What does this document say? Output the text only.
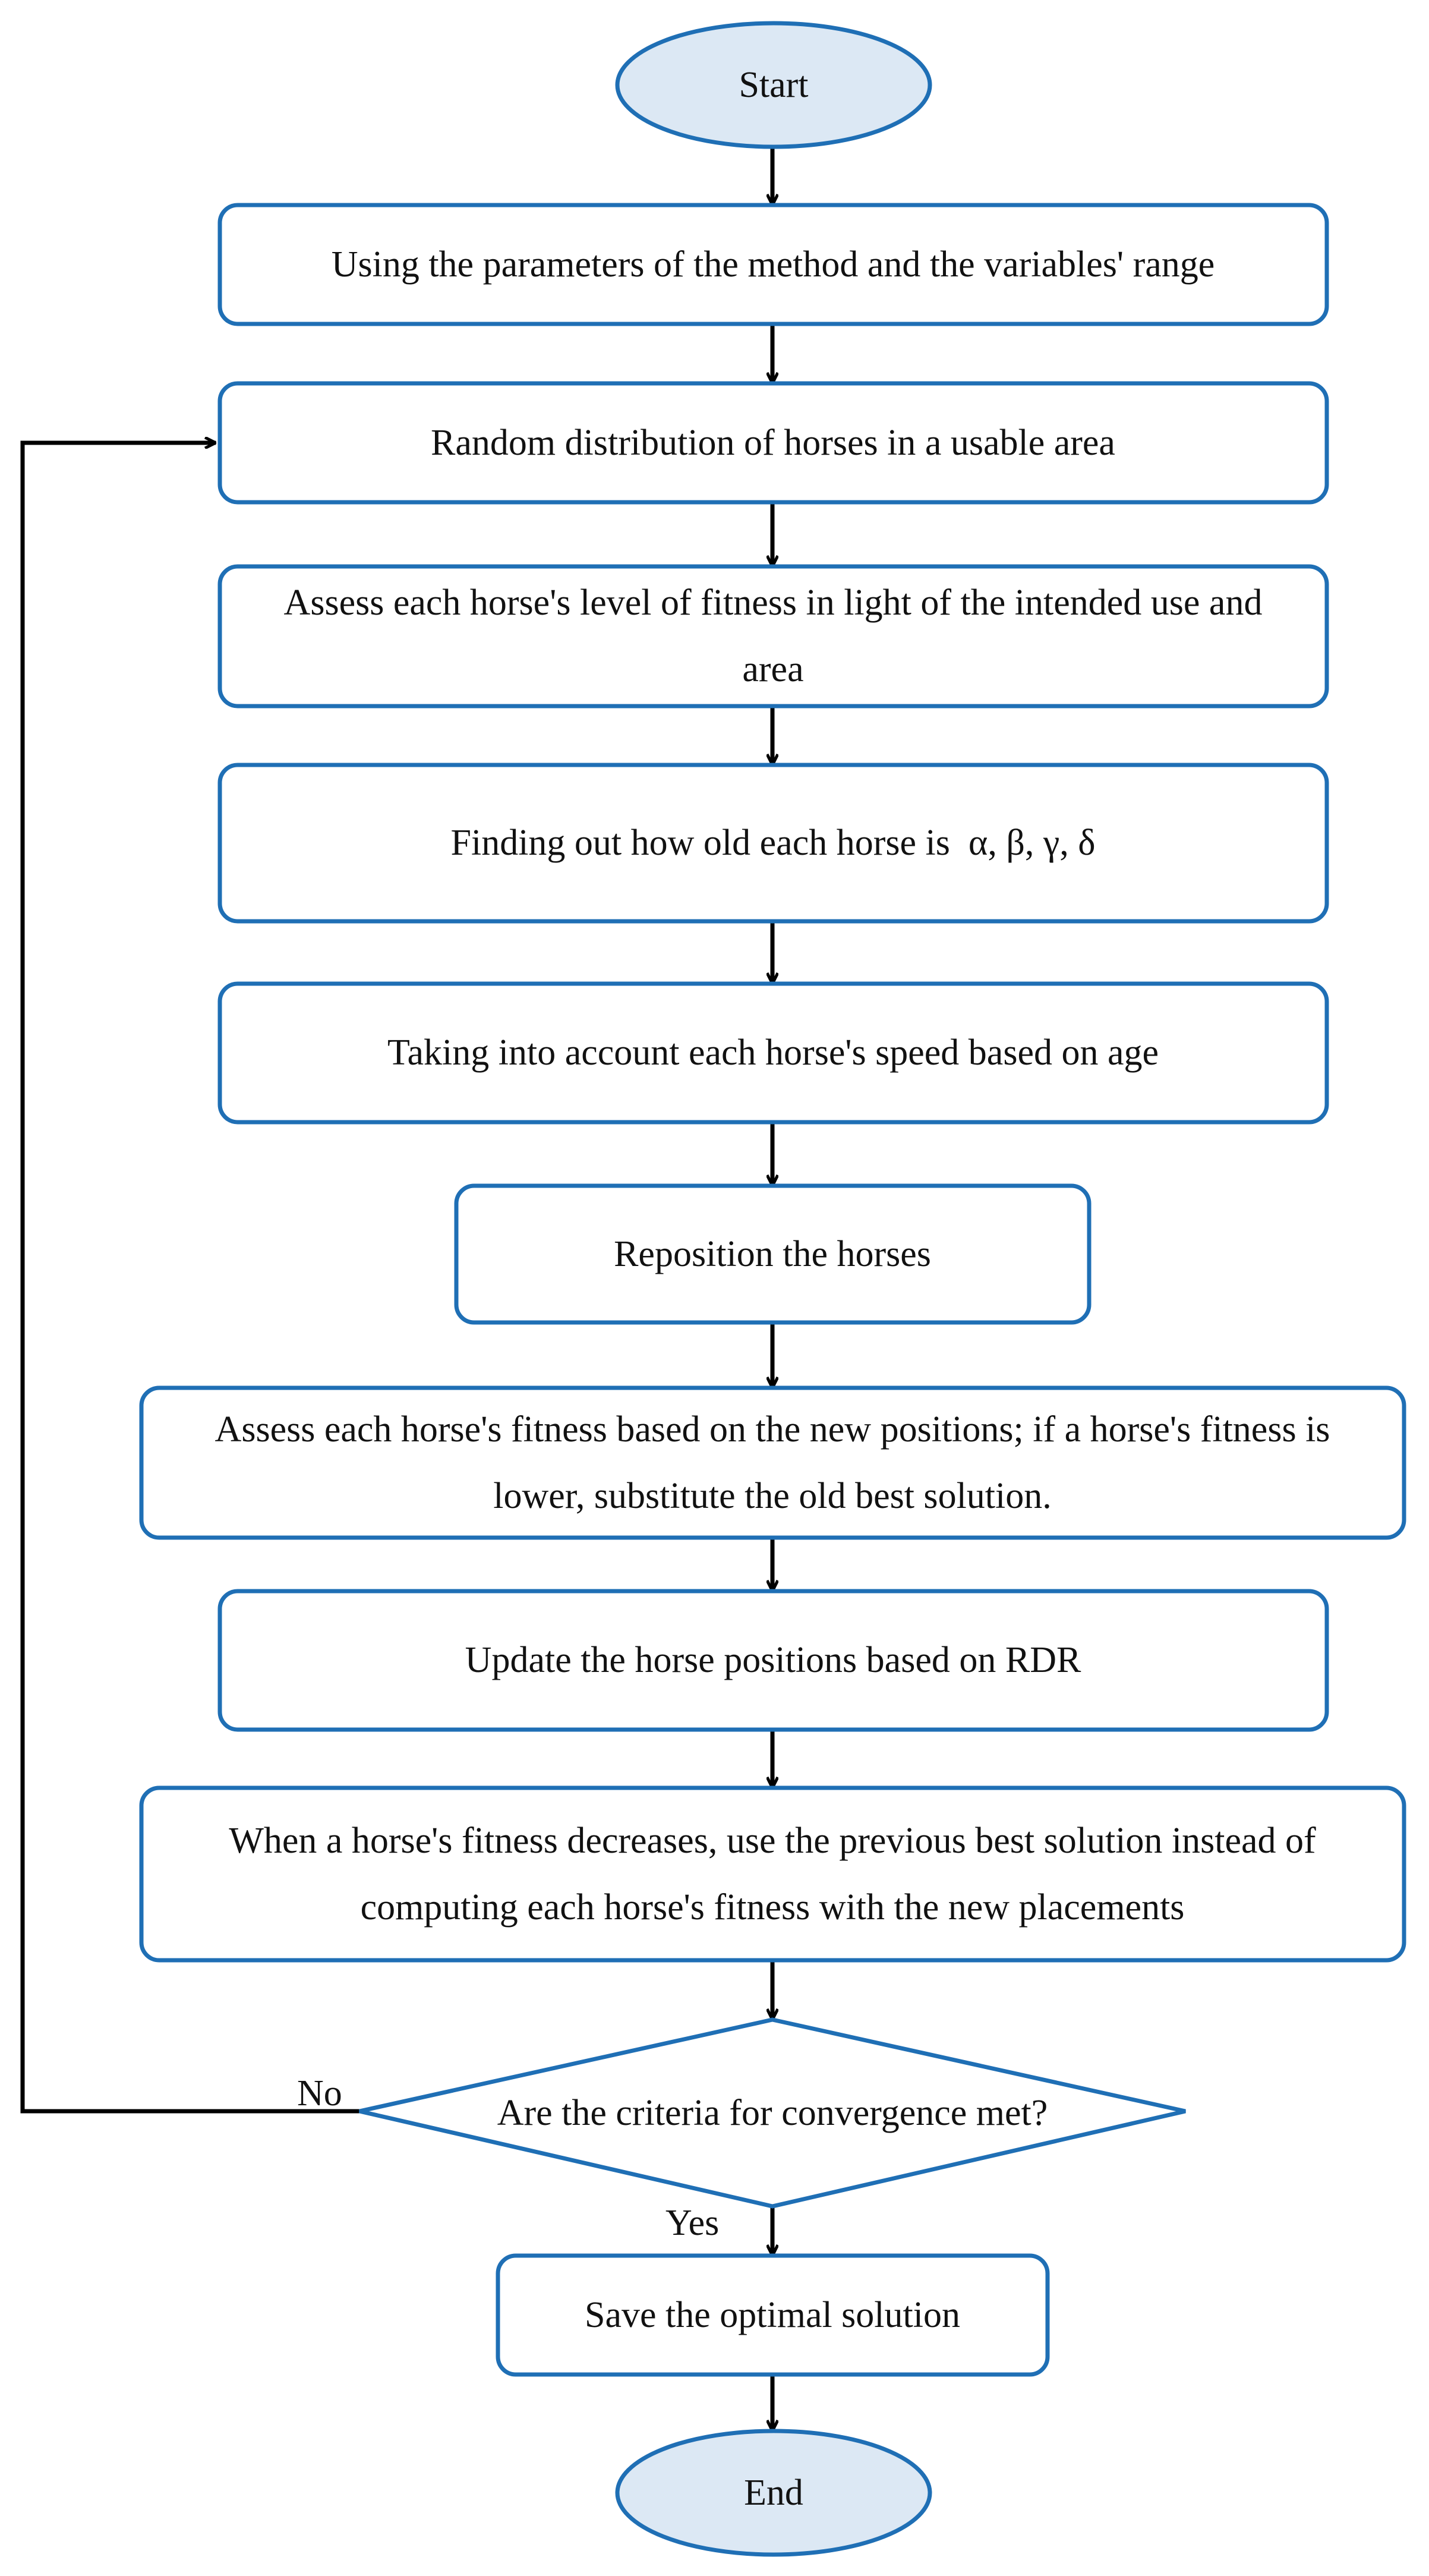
Start
Using the parameters of the method and the variables' range
Random distribution of horses in a usable area
Assess each horse's level of fitness in light of the intended use and area
Finding out how old each horse is  α, β, γ, δ
Taking into account each horse's speed based on age
Reposition the horses
Assess each horse's fitness based on the new positions; if a horse's fitness is lower, substitute the old best solution.
Update the horse positions based on RDR
When a horse's fitness decreases, use the previous best solution instead of computing each horse's fitness with the new placements
Are the criteria for convergence met?
No
Yes
Save the optimal solution
End
